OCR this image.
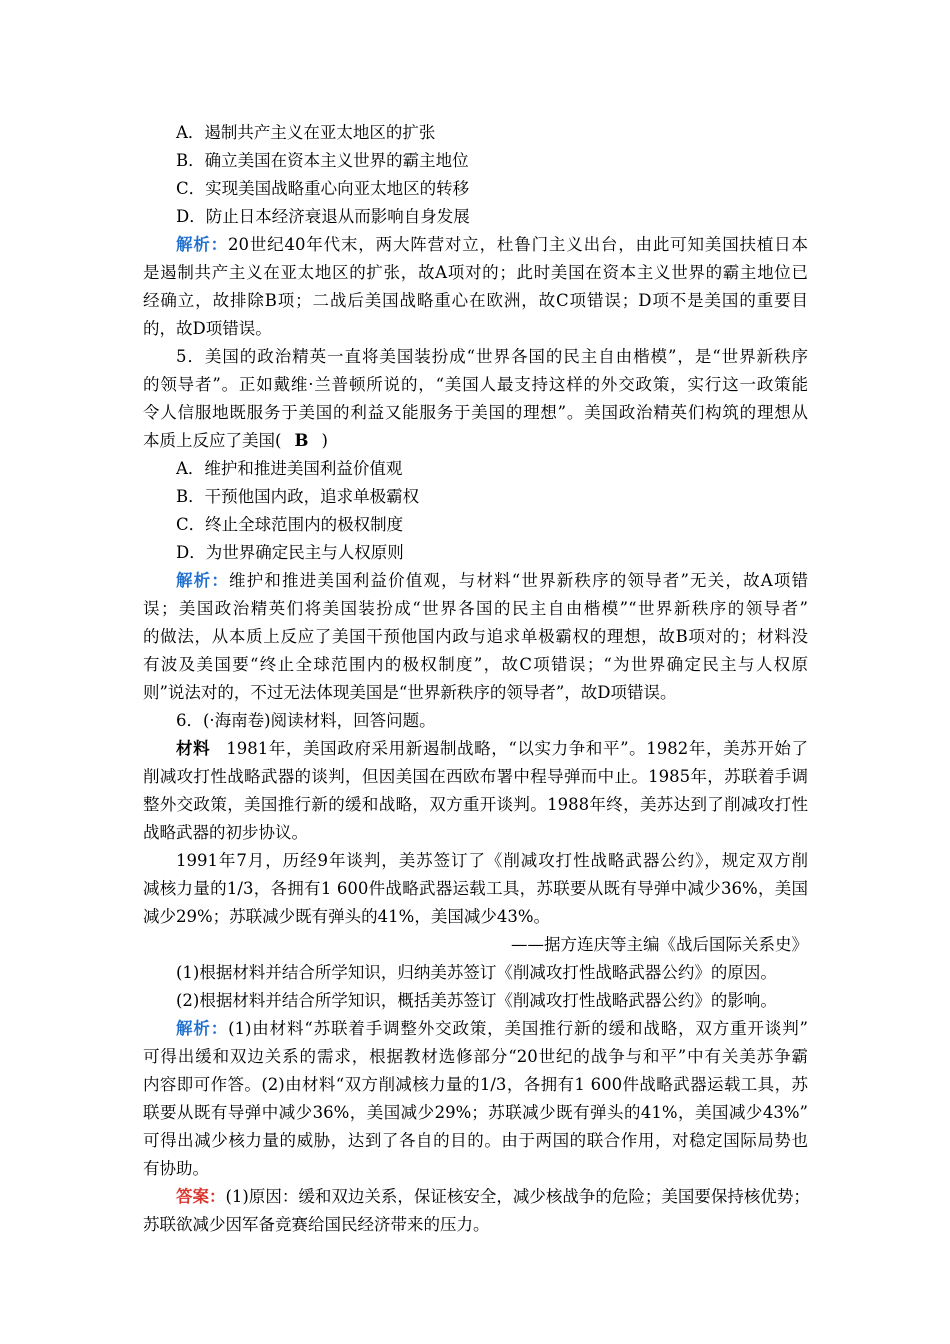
A．遏制共产主义在亚太地区的扩张
B．确立美国在资本主义世界的霸主地位
C．实现美国战略重心向亚太地区的转移
D．防止日本经济衰退从而影响自身发展
解析：20世纪40年代末，两大阵营对立，杜鲁门主义出台，由此可知美国扶植日本
是遏制共产主义在亚太地区的扩张，故A项对的；此时美国在资本主义世界的霸主地位已
经确立，故排除B项；二战后美国战略重心在欧洲，故C项错误；D项不是美国的重要目
的，故D项错误。
5．美国的政治精英一直将美国装扮成“世界各国的民主自由楷模”，是“世界新秩序
的领导者”。正如戴维·兰普顿所说的，“美国人最支持这样的外交政策，实行这一政策能
令人信服地既服务于美国的利益又能服务于美国的理想”。美国政治精英们构筑的理想从
本质上反应了美国( B )
A．维护和推进美国利益价值观
B．干预他国内政，追求单极霸权
C．终止全球范围内的极权制度
D．为世界确定民主与人权原则
解析：维护和推进美国利益价值观，与材料“世界新秩序的领导者”无关，故A项错
误；美国政治精英们将美国装扮成“世界各国的民主自由楷模”“世界新秩序的领导者”
的做法，从本质上反应了美国干预他国内政与追求单极霸权的理想，故B项对的；材料没
有波及美国要“终止全球范围内的极权制度”，故C项错误；“为世界确定民主与人权原
则”说法对的，不过无法体现美国是“世界新秩序的领导者”，故D项错误。
6．(·海南卷)阅读材料，回答问题。
材料 1981年，美国政府采用新遏制战略，“以实力争和平”。1982年，美苏开始了
削减攻打性战略武器的谈判，但因美国在西欧布署中程导弹而中止。1985年，苏联着手调
整外交政策，美国推行新的缓和战略，双方重开谈判。1988年终，美苏达到了削减攻打性
战略武器的初步协议。
1991年7月，历经9年谈判，美苏签订了《削减攻打性战略武器公约》，规定双方削
减核力量的1/3，各拥有1 600件战略武器运载工具，苏联要从既有导弹中减少36%，美国
减少29%；苏联减少既有弹头的41%，美国减少43%。
——据方连庆等主编《战后国际关系史》
(1)根据材料并结合所学知识，归纳美苏签订《削减攻打性战略武器公约》的原因。
(2)根据材料并结合所学知识，概括美苏签订《削减攻打性战略武器公约》的影响。
解析：(1)由材料“苏联着手调整外交政策，美国推行新的缓和战略，双方重开谈判”
可得出缓和双边关系的需求，根据教材选修部分“20世纪的战争与和平”中有关美苏争霸
内容即可作答。(2)由材料“双方削减核力量的1/3，各拥有1 600件战略武器运载工具，苏
联要从既有导弹中减少36%，美国减少29%；苏联减少既有弹头的41%，美国减少43%”
可得出减少核力量的威胁，达到了各自的目的。由于两国的联合作用，对稳定国际局势也
有协助。
答案：(1)原因：缓和双边关系，保证核安全，减少核战争的危险；美国要保持核优势；
苏联欲减少因军备竞赛给国民经济带来的压力。
